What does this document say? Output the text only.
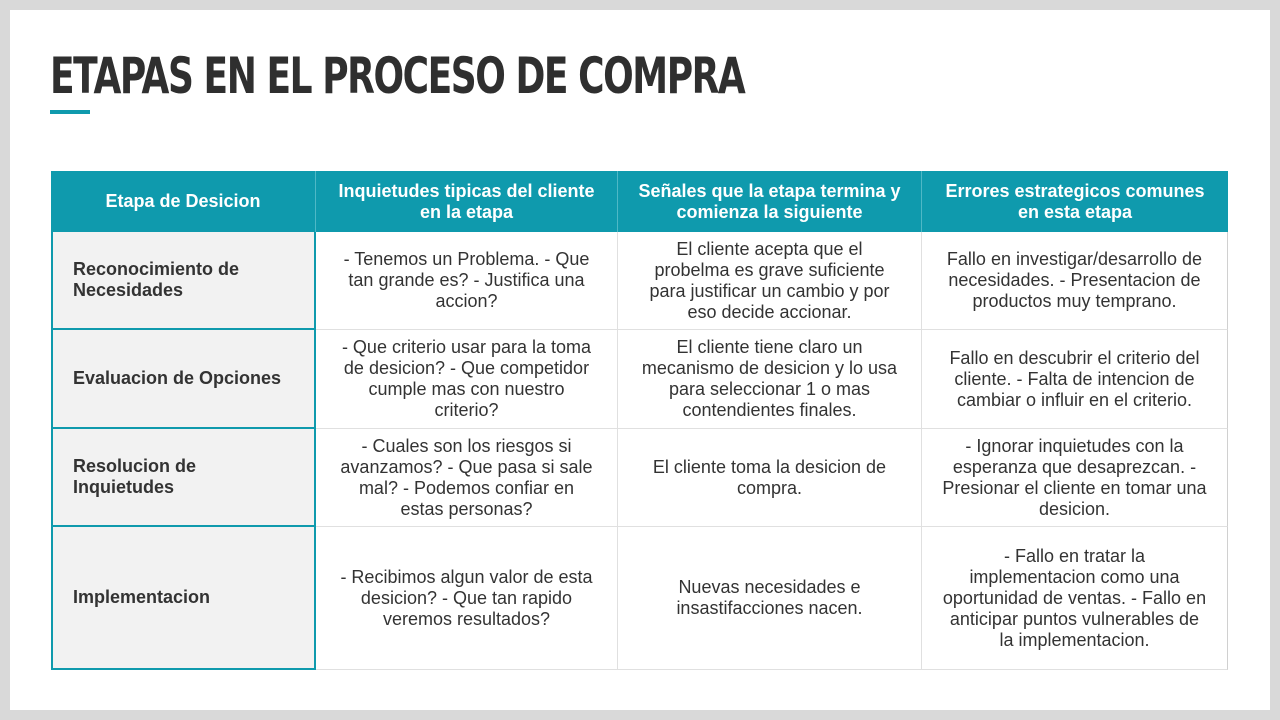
ETAPAS EN EL PROCESO DE COMPRA
Etapa de Desicion
Inquietudes tipicas del cliente en la etapa
Señales que la etapa termina y comienza la siguiente
Errores estrategicos comunes en esta etapa
Reconocimiento de Necesidades
- Tenemos un Problema. - Que tan grande es? - Justifica una accion?
El cliente acepta que el probelma es grave suficiente para justificar un cambio y por eso decide accionar.
Fallo en investigar/desarrollo de necesidades. - Presentacion de productos muy temprano.
Evaluacion de Opciones
- Que criterio usar para la toma de desicion? - Que competidor cumple mas con nuestro criterio?
El cliente tiene claro un mecanismo de desicion y lo usa para seleccionar 1 o mas contendientes finales.
Fallo en descubrir el criterio del cliente. - Falta de intencion de cambiar o influir en el criterio.
Resolucion de Inquietudes
- Cuales son los riesgos si avanzamos? - Que pasa si sale mal? - Podemos confiar en estas personas?
El cliente toma la desicion de compra.
- Ignorar inquietudes con la esperanza que desaprezcan. - Presionar el cliente en tomar una desicion.
Implementacion
- Recibimos algun valor de esta desicion? - Que tan rapido veremos resultados?
Nuevas necesidades e insastifacciones nacen.
- Fallo en tratar la implementacion como una oportunidad de ventas. - Fallo en anticipar puntos vulnerables de la implementacion.
